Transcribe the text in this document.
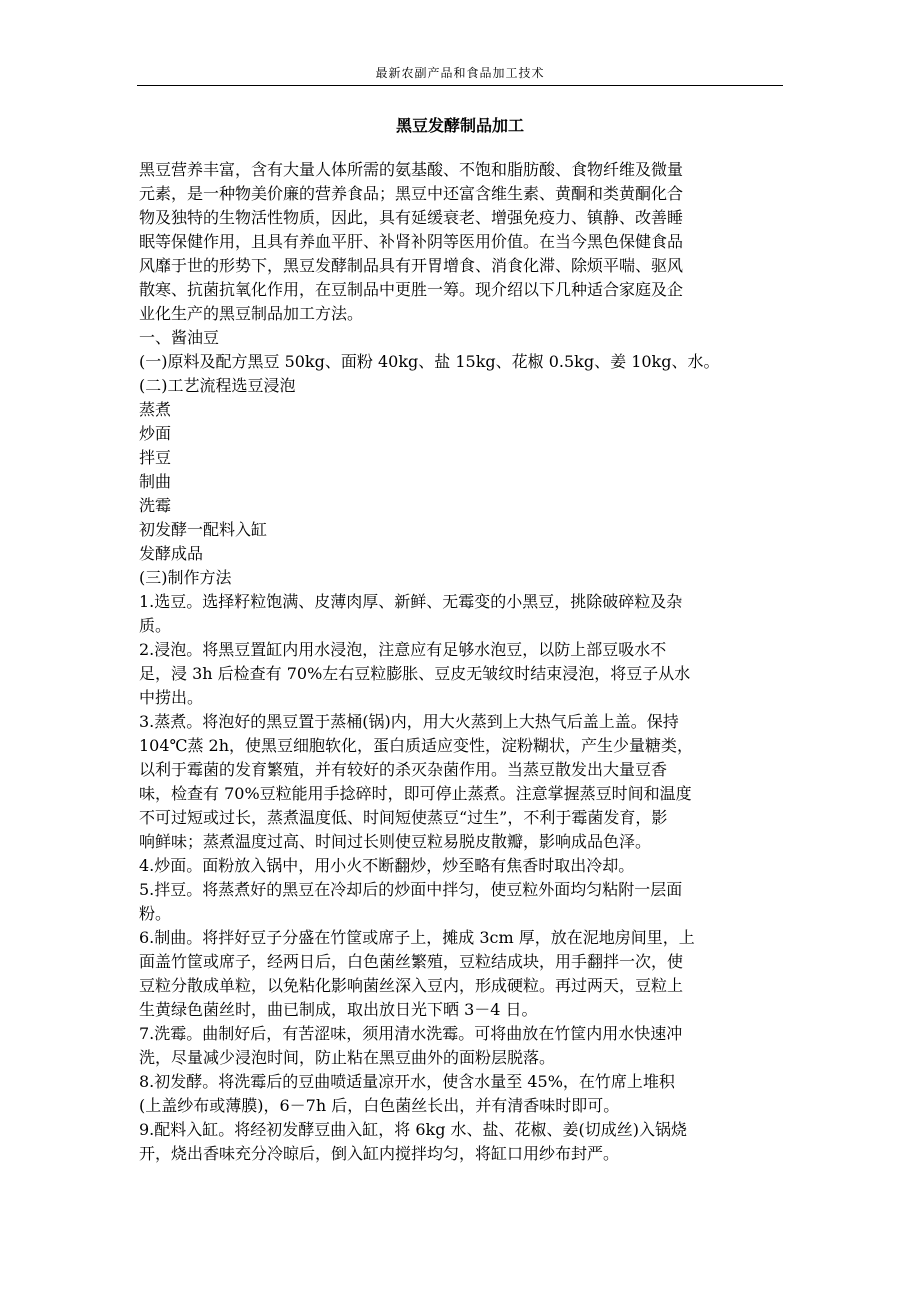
最新农副产品和食品加工技术
黑豆发酵制品加工

黑豆营养丰富，含有大量人体所需的氨基酸、不饱和脂肪酸、食物纤维及微量

元素，是一种物美价廉的营养食品；黑豆中还富含维生素、黄酮和类黄酮化合

物及独特的生物活性物质，因此，具有延缓衰老、增强免疫力、镇静、改善睡

眠等保健作用，且具有养血平肝、补肾补阴等医用价值。在当今黑色保健食品

风靡于世的形势下，黑豆发酵制品具有开胃增食、消食化滞、除烦平喘、驱风

散寒、抗菌抗氧化作用，在豆制品中更胜一筹。现介绍以下几种适合家庭及企

业化生产的黑豆制品加工方法。

一、酱油豆

(一)原料及配方黑豆 50kg、面粉 40kg、盐 15kg、花椒 0.5kg、姜 10kg、水。

(二)工艺流程选豆浸泡

蒸煮

炒面

拌豆

制曲

洗霉

初发酵一配料入缸

发酵成品

(三)制作方法

1.选豆。选择籽粒饱满、皮薄肉厚、新鲜、无霉变的小黑豆，挑除破碎粒及杂

质。

2.浸泡。将黑豆置缸内用水浸泡，注意应有足够水泡豆，以防上部豆吸水不

足，浸 3h 后检查有 70%左右豆粒膨胀、豆皮无皱纹时结束浸泡，将豆子从水

中捞出。

3.蒸煮。将泡好的黑豆置于蒸桶(锅)内，用大火蒸到上大热气后盖上盖。保持

104℃蒸 2h，使黑豆细胞软化，蛋白质适应变性，淀粉糊状，产生少量糖类，

以利于霉菌的发育繁殖，并有较好的杀灭杂菌作用。当蒸豆散发出大量豆香

味，检查有 70%豆粒能用手捻碎时，即可停止蒸煮。注意掌握蒸豆时间和温度

不可过短或过长，蒸煮温度低、时间短使蒸豆“过生”，不利于霉菌发育，影

响鲜味；蒸煮温度过高、时间过长则使豆粒易脱皮散瓣，影响成品色泽。

4.炒面。面粉放入锅中，用小火不断翻炒，炒至略有焦香时取出冷却。

5.拌豆。将蒸煮好的黑豆在冷却后的炒面中拌匀，使豆粒外面均匀粘附一层面

粉。

6.制曲。将拌好豆子分盛在竹筐或席子上，摊成 3cm 厚，放在泥地房间里，上

面盖竹筐或席子，经两日后，白色菌丝繁殖，豆粒结成块，用手翻拌一次，使

豆粒分散成单粒，以免粘化影响菌丝深入豆内，形成硬粒。再过两天，豆粒上

生黄绿色菌丝时，曲已制成，取出放日光下晒 3－4 日。

7.洗霉。曲制好后，有苦涩味，须用清水洗霉。可将曲放在竹筐内用水快速冲

洗，尽量减少浸泡时间，防止粘在黑豆曲外的面粉层脱落。

8.初发酵。将洗霉后的豆曲喷适量凉开水，使含水量至 45%，在竹席上堆积

(上盖纱布或薄膜)，6－7h 后，白色菌丝长出，并有清香味时即可。

9.配料入缸。将经初发酵豆曲入缸，将 6kg 水、盐、花椒、姜(切成丝)入锅烧

开，烧出香味充分冷晾后，倒入缸内搅拌均匀，将缸口用纱布封严。
